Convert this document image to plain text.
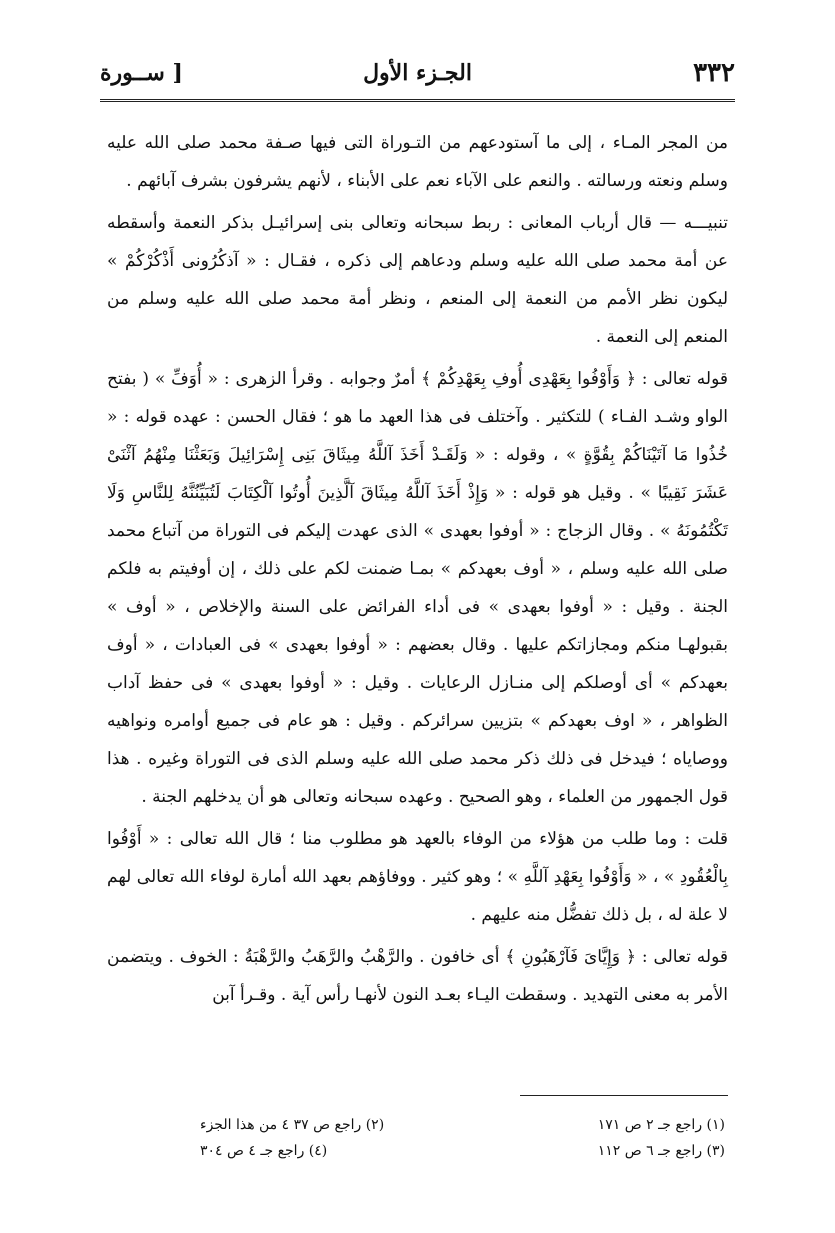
٣٣٢
الجـزء الأول
[ ســورة

من المجر المـاء ، إلى ما آستودعهم من التـوراة التى فيها صـفة محمد صلى الله عليه وسلم ونعته ورسالته . والنعم على الآباء نعم على الأبناء ، لأنهم يشرفون بشرف آبائهم .

تنبيـــه — قال أرباب المعانى : ربط سبحانه وتعالى بنى إسرائيـل بذكر النعمة وأسقطه عن أمة محمد صلى الله عليه وسلم ودعاهم إلى ذكره ، فقـال : « آذكُرُونى أَذْكُرْكُمْ » ليكون نظر الأمم من النعمة إلى المنعم ، ونظر أمة محمد صلى الله عليه وسلم من المنعم إلى النعمة .

قوله تعالى : ﴿ وَأَوْفُوا بِعَهْدِى أُوفِ بِعَهْدِكُمْ ﴾ أمرٌ وجوابه . وقرأ الزهرى : « أُوَفِّ » ( بفتح الواو وشـد الفـاء ) للتكثير . وآختلف فى هذا العهد ما هو ؛ فقال الحسن : عهده قوله : « خُذُوا مَا آتَيْنَاكُمْ بِقُوَّةٍ » ، وقوله : « وَلَقَـدْ أَخَذَ آللَّهُ مِيثَاقَ بَنِى إِسْرَائِيلَ وَبَعَثْنَا مِنْهُمُ آثْنَىْ عَشَرَ نَقِيبًا » . وقيل هو قوله : « وَإِذْ أَخَذَ آللَّهُ مِيثَاقَ آلَّذِينَ أُوتُوا آلْكِتَابَ لَتُبَيِّنُنَّهُ لِلنَّاسِ وَلَا تَكْتُمُونَهُ » . وقال الزجاج : « أوفوا بعهدى » الذى عهدت إليكم فى التوراة من آتباع محمد صلى الله عليه وسلم ، « أوف بعهدكم » بمـا ضمنت لكم على ذلك ، إن أوفيتم به فلكم الجنة . وقيل : « أوفوا بعهدى » فى أداء الفرائض على السنة والإخلاص ، « أوف » بقبولهـا منكم ومجازاتكم عليها . وقال بعضهم : « أوفوا بعهدى » فى العبادات ، « أوف بعهدكم » أى أوصلكم إلى منـازل الرعايات . وقيل : « أوفوا بعهدى » فى حفظ آداب الظواهر ، « اوف بعهدكم » بتزيين سرائركم . وقيل : هو عام فى جميع أوامره ونواهيه ووصاياه ؛ فيدخل فى ذلك ذكر محمد صلى الله عليه وسلم الذى فى التوراة وغيره . هذا قول الجمهور من العلماء ، وهو الصحيح . وعهده سبحانه وتعالى هو أن يدخلهم الجنة .

قلت : وما طلب من هؤلاء من الوفاء بالعهد هو مطلوب منا ؛ قال الله تعالى : « أَوْفُوا بِالْعُقُودِ » ، « وَأَوْفُوا بِعَهْدِ آللَّهِ » ؛ وهو كثير . ووفاؤهم بعهد الله أمارة لوفاء الله تعالى لهم لا علة له ، بل ذلك تفضُّل منه عليهم .

قوله تعالى : ﴿ وَإِيَّاىَ فَآرْهَبُونِ ﴾ أى خافون . والرَّهْبُ والرَّهَبُ والرَّهْبَةُ : الخوف . ويتضمن الأمر به معنى التهديد . وسقطت اليـاء بعـد النون لأنهـا رأس آية . وقـرأ آبن

(١) راجع جـ ٢ ص ١٧١
(٢) راجع ص ٣٧ ٤ من هذا الجزء
(٣) راجع جـ ٦ ص ١١٢
(٤) راجع جـ ٤ ص ٣٠٤
